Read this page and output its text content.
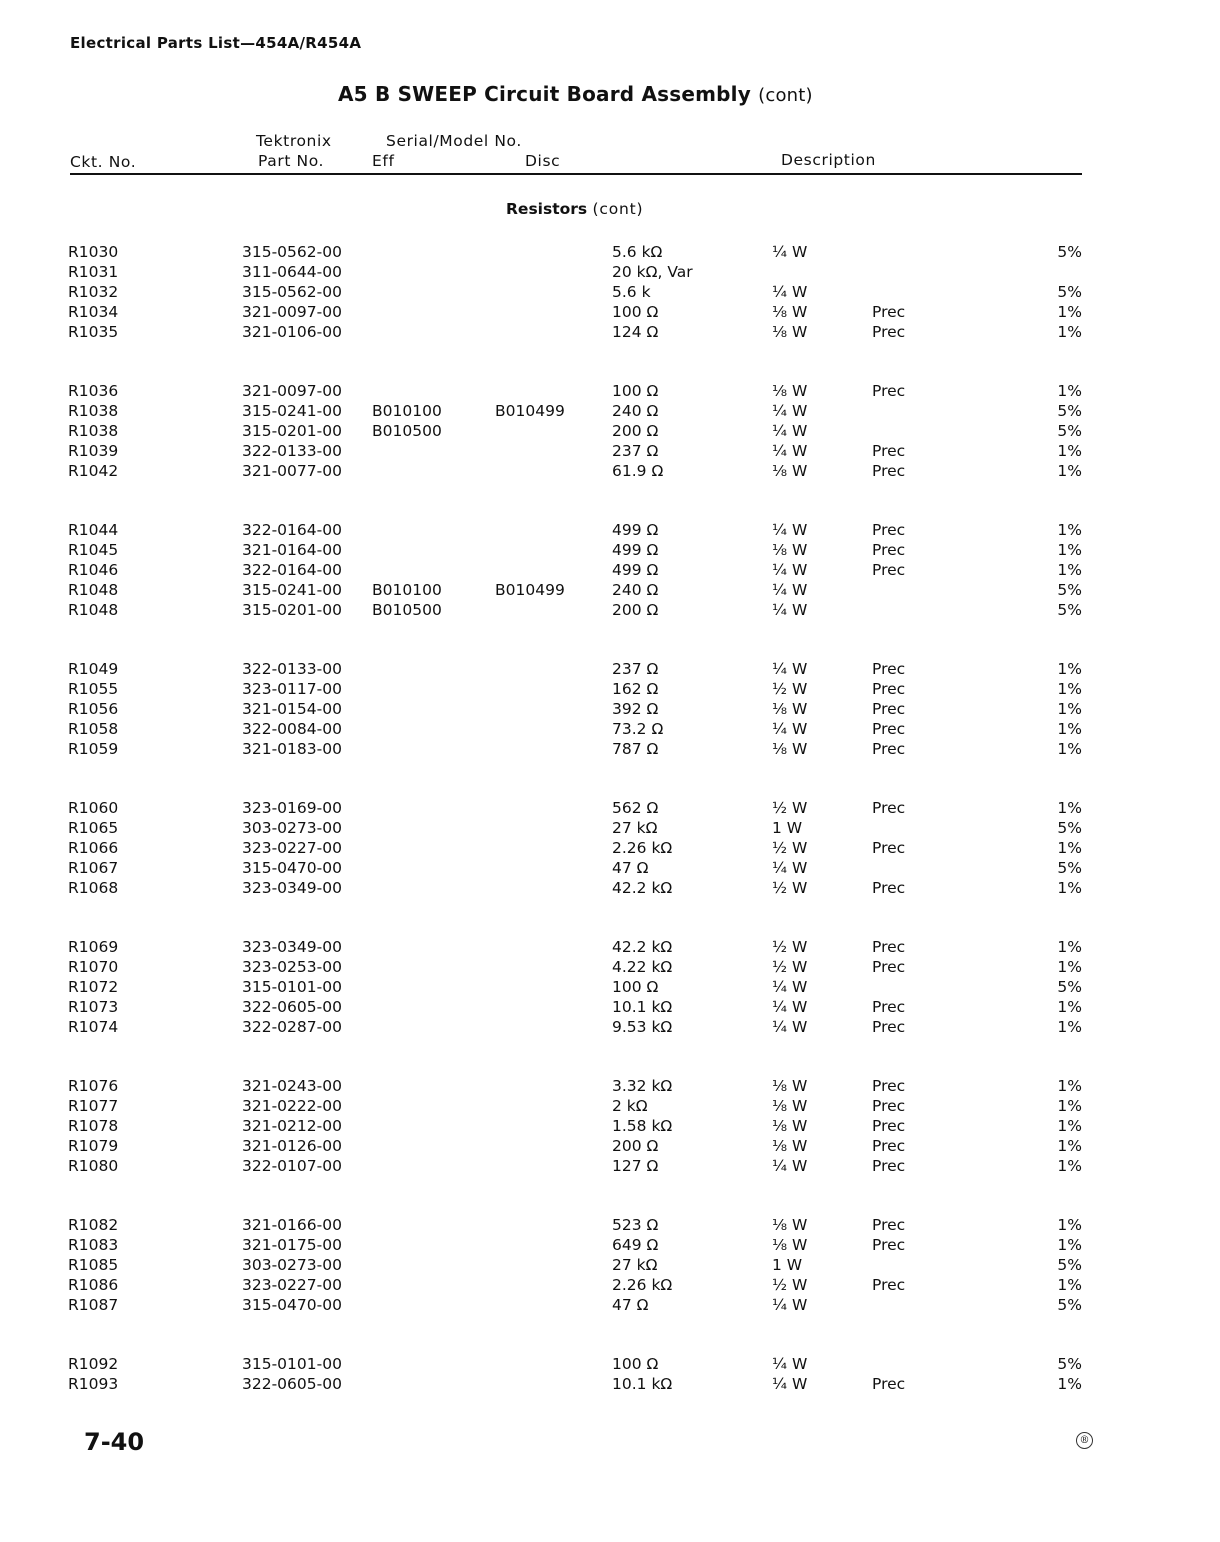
Electrical Parts List—454A/R454A
A5 B SWEEP Circuit Board Assembly (cont)
Tektronix	Serial/Model No.
Ckt. No.	Part No.	Eff	Disc	Description
Resistors (cont)
R1030	315-0562-00	5.6 kΩ	¼ W	5%
R1031	311-0644-00	20 kΩ, Var
R1032	315-0562-00	5.6 k	¼ W	5%
R1034	321-0097-00	100 Ω	⅛ W	Prec	1%
R1035	321-0106-00	124 Ω	⅛ W	Prec	1%
R1036	321-0097-00	100 Ω	⅛ W	Prec	1%
R1038	315-0241-00 B010100	B010499	240 Ω	¼ W	5%
R1038	315-0201-00 B010500	200 Ω	¼ W	5%
R1039	322-0133-00	237 Ω	¼ W	Prec	1%
R1042	321-0077-00	61.9 Ω	⅛ W	Prec	1%
R1044	322-0164-00	499 Ω	¼ W	Prec	1%
R1045	321-0164-00	499 Ω	⅛ W	Prec	1%
R1046	322-0164-00	499 Ω	¼ W	Prec	1%
R1048	315-0241-00 B010100	B010499	240 Ω	¼ W	5%
R1048	315-0201-00 B010500	200 Ω	¼ W	5%
R1049	322-0133-00	237 Ω	¼ W	Prec	1%
R1055	323-0117-00	162 Ω	½ W	Prec	1%
R1056	321-0154-00	392 Ω	⅛ W	Prec	1%
R1058	322-0084-00	73.2 Ω	¼ W	Prec	1%
R1059	321-0183-00	787 Ω	⅛ W	Prec	1%
R1060	323-0169-00	562 Ω	½ W	Prec	1%
R1065	303-0273-00	27 kΩ	1 W	5%
R1066	323-0227-00	2.26 kΩ	½ W	Prec	1%
R1067	315-0470-00	47 Ω	¼ W	5%
R1068	323-0349-00	42.2 kΩ	½ W	Prec	1%
R1069	323-0349-00	42.2 kΩ	½ W	Prec	1%
R1070	323-0253-00	4.22 kΩ	½ W	Prec	1%
R1072	315-0101-00	100 Ω	¼ W	5%
R1073	322-0605-00	10.1 kΩ	¼ W	Prec	1%
R1074	322-0287-00	9.53 kΩ	¼ W	Prec	1%
R1076	321-0243-00	3.32 kΩ	⅛ W	Prec	1%
R1077	321-0222-00	2 kΩ	⅛ W	Prec	1%
R1078	321-0212-00	1.58 kΩ	⅛ W	Prec	1%
R1079	321-0126-00	200 Ω	⅛ W	Prec	1%
R1080	322-0107-00	127 Ω	¼ W	Prec	1%
R1082	321-0166-00	523 Ω	⅛ W	Prec	1%
R1083	321-0175-00	649 Ω	⅛ W	Prec	1%
R1085	303-0273-00	27 kΩ	1 W	5%
R1086	323-0227-00	2.26 kΩ	½ W	Prec	1%
R1087	315-0470-00	47 Ω	¼ W	5%
R1092	315-0101-00	100 Ω	¼ W	5%
R1093	322-0605-00	10.1 kΩ	¼ W	Prec	1%
7-40	®
